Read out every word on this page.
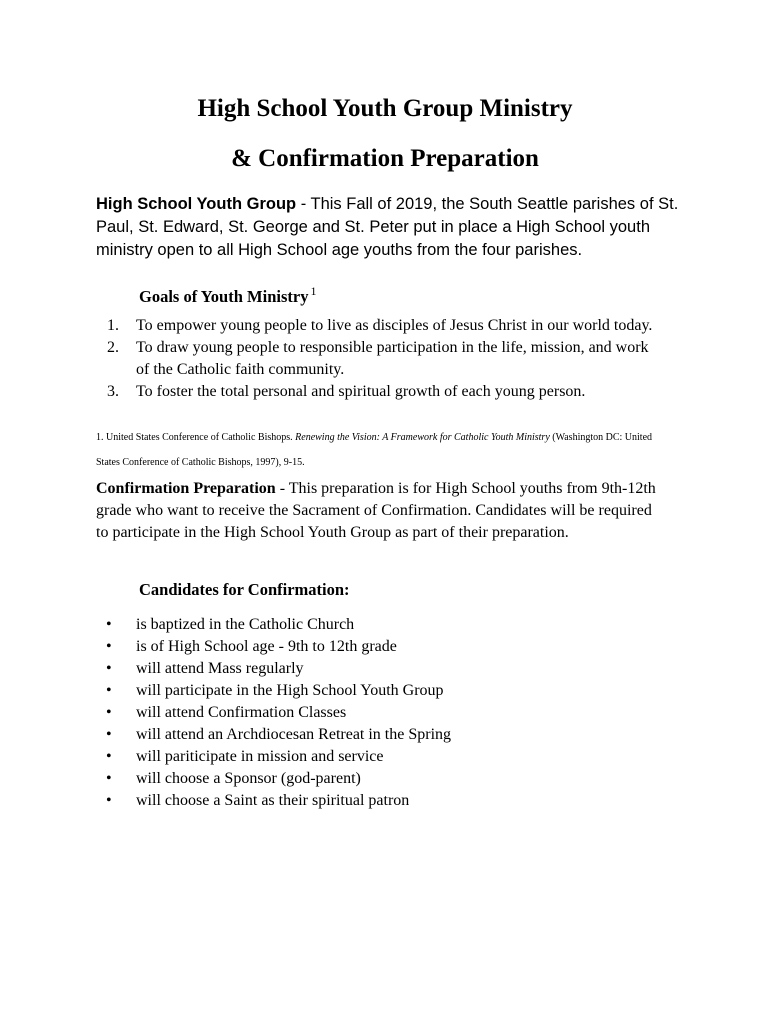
High School Youth Group Ministry
& Confirmation Preparation

High School Youth Group - This Fall of 2019, the South Seattle parishes of St. Paul, St. Edward, St. George and St. Peter put in place a High School youth ministry open to all High School age youths from the four parishes.

Goals of Youth Ministry $^1$

1. To empower young people to live as disciples of Jesus Christ in our world today.
2. To draw young people to responsible participation in the life, mission, and work of the Catholic faith community.
3. To foster the total personal and spiritual growth of each young person.

1. United States Conference of Catholic Bishops. Renewing the Vision: A Framework for Catholic Youth Ministry (Washington DC: United States Conference of Catholic Bishops, 1997), 9-15.

Confirmation Preparation - This preparation is for High School youths from 9th-12th grade who want to receive the Sacrament of Confirmation. Candidates will be required to participate in the High School Youth Group as part of their preparation.

Candidates for Confirmation:

• is baptized in the Catholic Church
• is of High School age - 9th to 12th grade
• will attend Mass regularly
• will participate in the High School Youth Group
• will attend Confirmation Classes
• will attend an Archdiocesan Retreat in the Spring
• will pariticipate in mission and service
• will choose a Sponsor (god-parent)
• will choose a Saint as their spiritual patron
